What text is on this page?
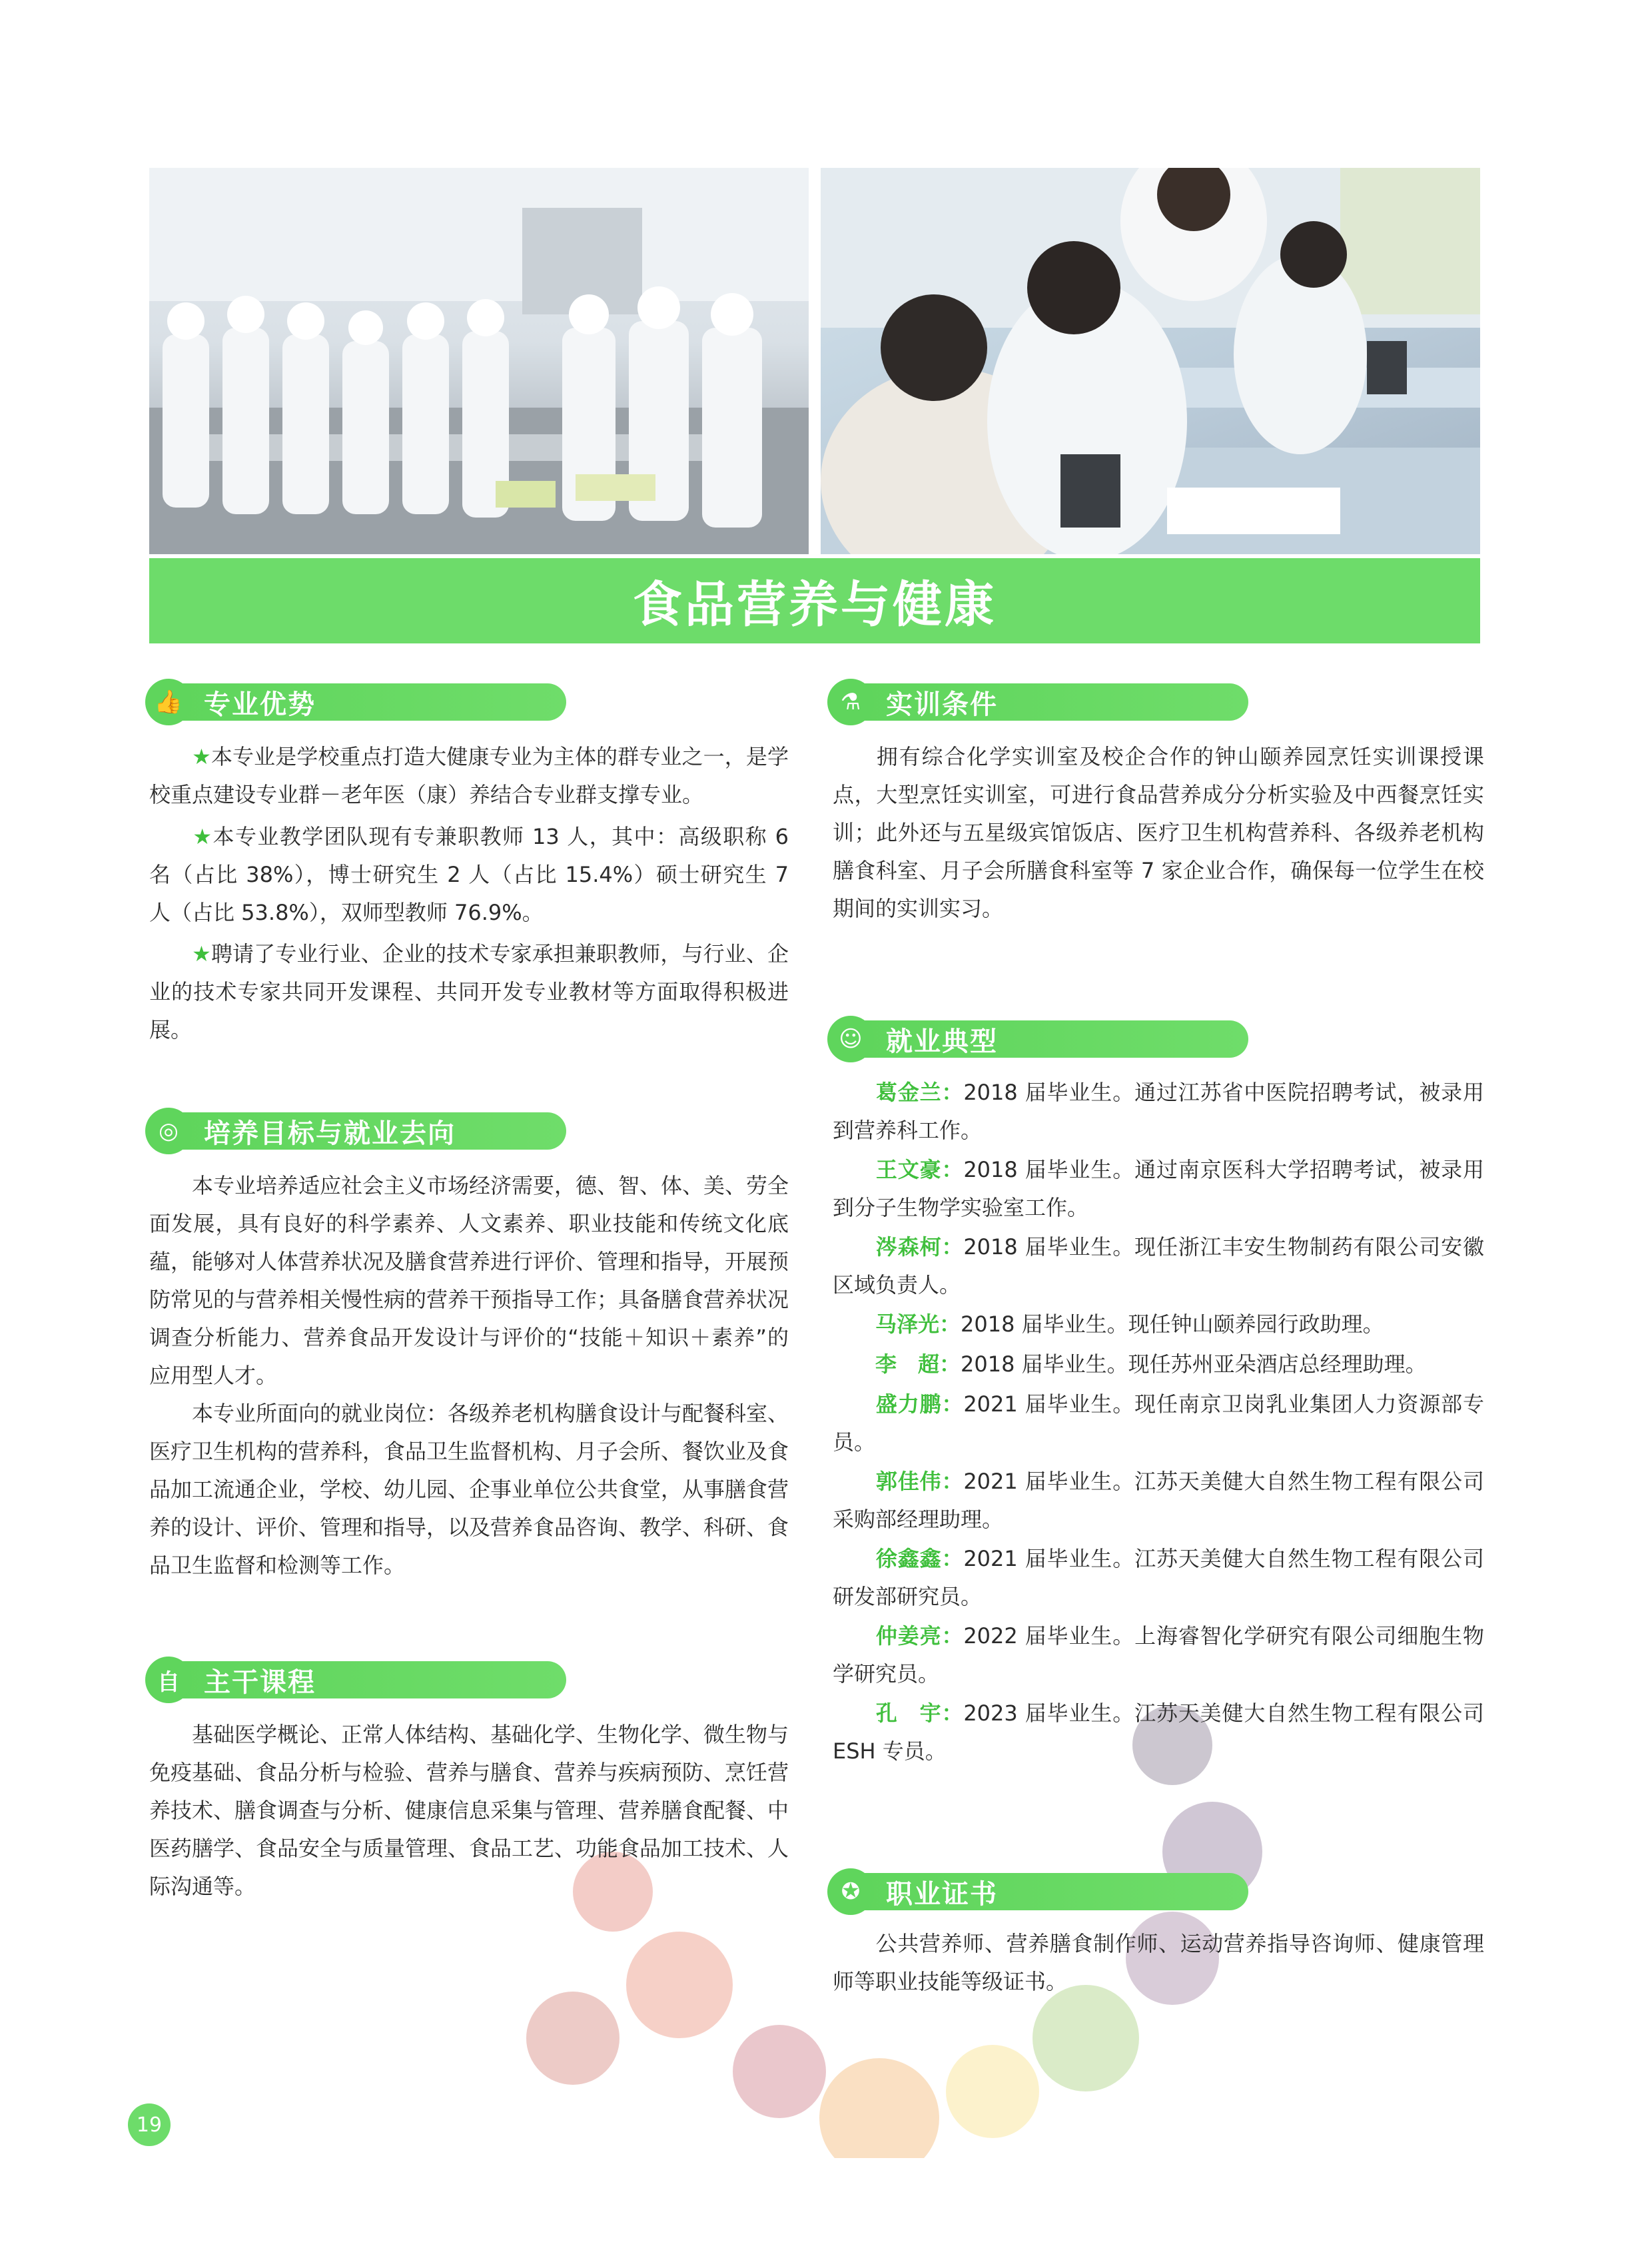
食品营养与健康
👍 专业优势

★本专业是学校重点打造大健康专业为主体的群专业之一，是学校重点建设专业群－老年医（康）养结合专业群支撑专业。

★本专业教学团队现有专兼职教师 13 人，其中：高级职称 6 名（占比 38%），博士研究生 2 人（占比 15.4%）硕士研究生 7 人（占比 53.8%），双师型教师 76.9%。

★聘请了专业行业、企业的技术专家承担兼职教师，与行业、企业的技术专家共同开发课程、共同开发专业教材等方面取得积极进展。

◎ 培养目标与就业去向

本专业培养适应社会主义市场经济需要，德、智、体、美、劳全面发展，具有良好的科学素养、人文素养、职业技能和传统文化底蕴，能够对人体营养状况及膳食营养进行评价、管理和指导，开展预防常见的与营养相关慢性病的营养干预指导工作；具备膳食营养状况调查分析能力、营养食品开发设计与评价的“技能＋知识＋素养”的应用型人才。

本专业所面向的就业岗位：各级养老机构膳食设计与配餐科室、医疗卫生机构的营养科，食品卫生监督机构、月子会所、餐饮业及食品加工流通企业，学校、幼儿园、企事业单位公共食堂，从事膳食营养的设计、评价、管理和指导，以及营养食品咨询、教学、科研、食品卫生监督和检测等工作。

自 主干课程

基础医学概论、正常人体结构、基础化学、生物化学、微生物与免疫基础、食品分析与检验、营养与膳食、营养与疾病预防、烹饪营养技术、膳食调查与分析、健康信息采集与管理、营养膳食配餐、中医药膳学、食品安全与质量管理、食品工艺、功能食品加工技术、人际沟通等。

⚗ 实训条件

拥有综合化学实训室及校企合作的钟山颐养园烹饪实训课授课点，大型烹饪实训室，可进行食品营养成分分析实验及中西餐烹饪实训；此外还与五星级宾馆饭店、医疗卫生机构营养科、各级养老机构膳食科室、月子会所膳食科室等 7 家企业合作，确保每一位学生在校期间的实训实习。

☺ 就业典型

葛金兰：2018 届毕业生。通过江苏省中医院招聘考试，被录用到营养科工作。

王文豪：2018 届毕业生。通过南京医科大学招聘考试，被录用到分子生物学实验室工作。

涔森柯：2018 届毕业生。现任浙江丰安生物制药有限公司安徽区域负责人。

马泽光：2018 届毕业生。现任钟山颐养园行政助理。

李　超：2018 届毕业生。现任苏州亚朵酒店总经理助理。

盛力鹏：2021 届毕业生。现任南京卫岗乳业集团人力资源部专员。

郭佳伟：2021 届毕业生。江苏天美健大自然生物工程有限公司采购部经理助理。

徐鑫鑫：2021 届毕业生。江苏天美健大自然生物工程有限公司研发部研究员。

仲姜亮：2022 届毕业生。上海睿智化学研究有限公司细胞生物学研究员。

孔　宇：2023 届毕业生。江苏天美健大自然生物工程有限公司 ESH 专员。

✪ 职业证书

公共营养师、营养膳食制作师、运动营养指导咨询师、健康管理师等职业技能等级证书。

19
